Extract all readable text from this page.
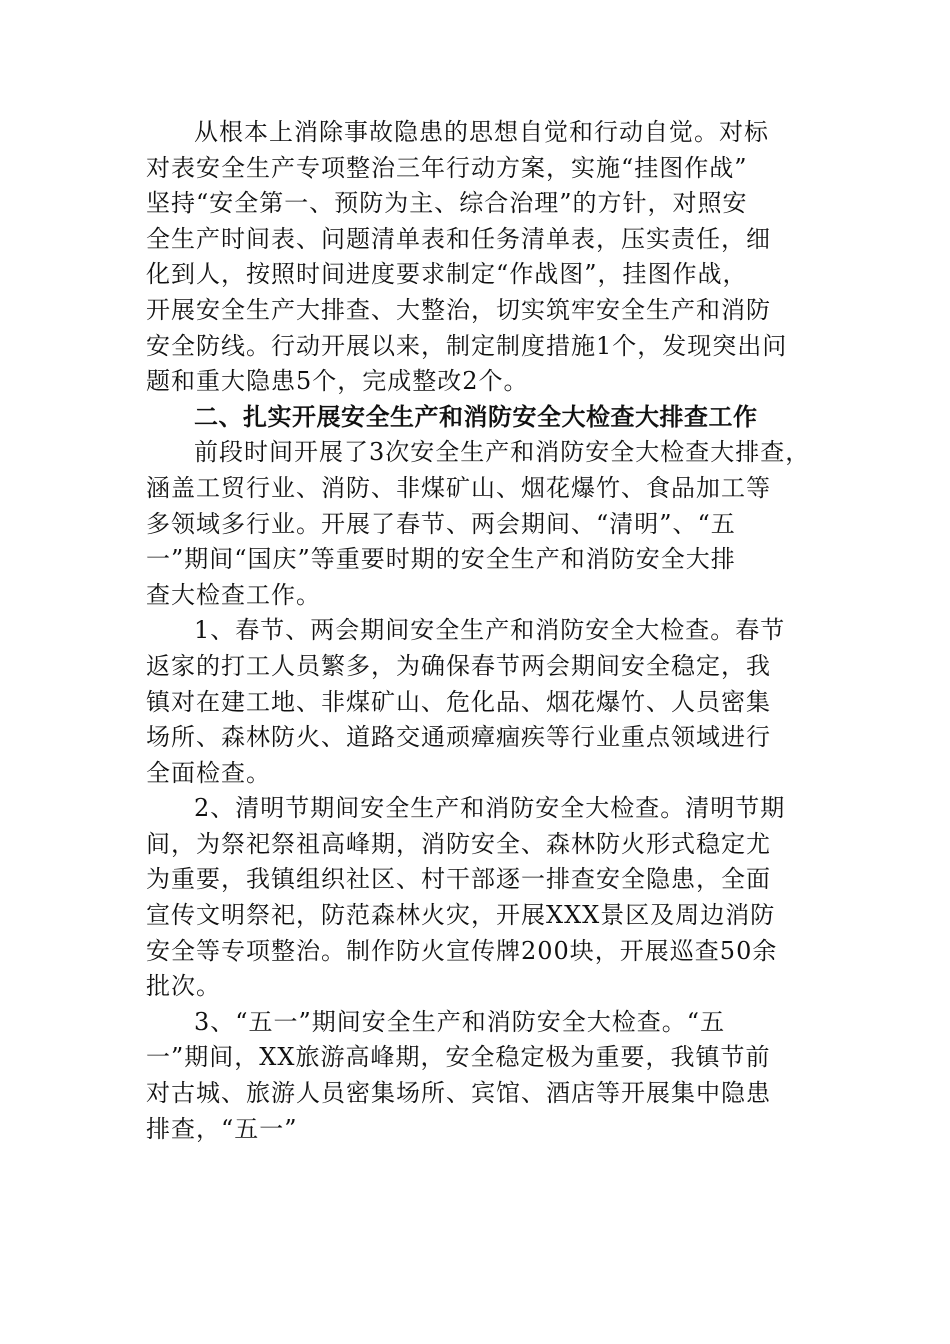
从根本上消除事故隐患的思想自觉和行动自觉。对标
对表安全生产专项整治三年行动方案，实施“挂图作战”
坚持“安全第一、预防为主、综合治理”的方针，对照安
全生产时间表、问题清单表和任务清单表，压实责任，细
化到人，按照时间进度要求制定“作战图”，挂图作战，
开展安全生产大排查、大整治，切实筑牢安全生产和消防
安全防线。行动开展以来，制定制度措施1个，发现突出问
题和重大隐患5个，完成整改2个。

二、扎实开展安全生产和消防安全大检查大排查工作

前段时间开展了3次安全生产和消防安全大检查大排查，
涵盖工贸行业、消防、非煤矿山、烟花爆竹、食品加工等
多领域多行业。开展了春节、两会期间、“清明”、“五
一”期间“国庆”等重要时期的安全生产和消防安全大排
查大检查工作。

1、春节、两会期间安全生产和消防安全大检查。春节
返家的打工人员繁多，为确保春节两会期间安全稳定，我
镇对在建工地、非煤矿山、危化品、烟花爆竹、人员密集
场所、森林防火、道路交通顽瘴痼疾等行业重点领域进行
全面检查。

2、清明节期间安全生产和消防安全大检查。清明节期
间，为祭祀祭祖高峰期，消防安全、森林防火形式稳定尤
为重要，我镇组织社区、村干部逐一排查安全隐患，全面
宣传文明祭祀，防范森林火灾，开展XXX景区及周边消防
安全等专项整治。制作防火宣传牌200块，开展巡查50余
批次。

3、“五一”期间安全生产和消防安全大检查。“五
一”期间，XX旅游高峰期，安全稳定极为重要，我镇节前
对古城、旅游人员密集场所、宾馆、酒店等开展集中隐患
排查，“五一”
